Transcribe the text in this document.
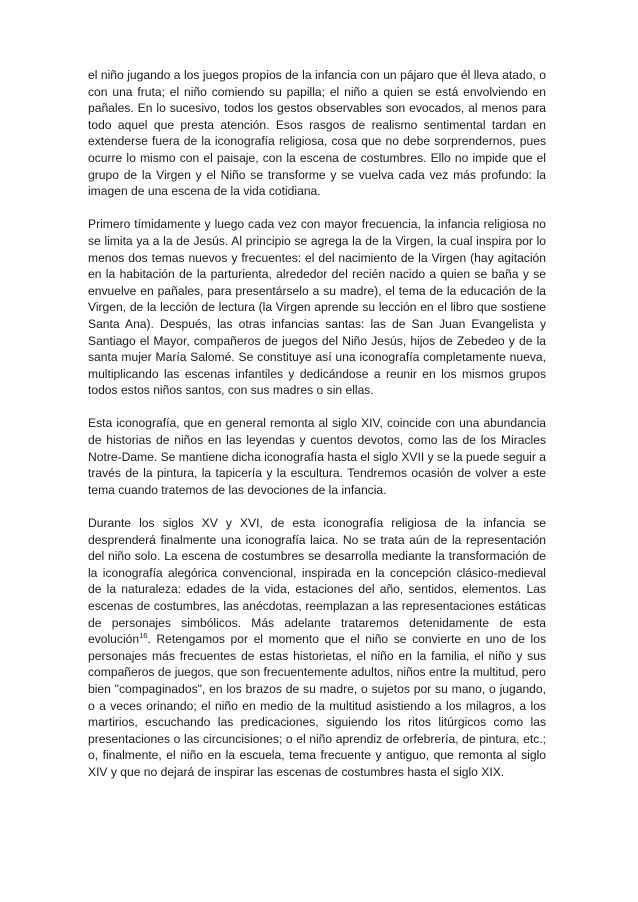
el niño jugando a los juegos propios de la infancia con un pájaro que él lleva atado, o con una fruta; el niño comiendo su papilla; el niño a quien se está envolviendo en pañales. En lo sucesivo, todos los gestos observables son evocados, al menos para todo aquel que presta atención. Esos rasgos de realismo sentimental tardan en extenderse fuera de la iconografía religiosa, cosa que no debe sorprendernos, pues ocurre lo mismo con el paisaje, con la escena de costumbres. Ello no impide que el grupo de la Virgen y el Niño se transforme y se vuelva cada vez más profundo: la imagen de una escena de la vida cotidiana.

Primero tímidamente y luego cada vez con mayor frecuencia, la infancia religiosa no se limita ya a la de Jesús. Al principio se agrega la de la Virgen, la cual inspira por lo menos dos temas nuevos y frecuentes: el del nacimiento de la Virgen (hay agitación en la habitación de la parturienta, alrededor del recién nacido a quien se baña y se envuelve en pañales, para presentárselo a su madre), el tema de la educación de la Virgen, de la lección de lectura (la Virgen aprende su lección en el libro que sostiene Santa Ana). Después, las otras infancias santas: las de San Juan Evangelista y Santiago el Mayor, compañeros de juegos del Niño Jesús, hijos de Zebedeo y de la santa mujer María Salomé. Se constituye así una iconografía completamente nueva, multiplicando las escenas infantiles y dedicándose a reunir en los mismos grupos todos estos niños santos, con sus madres o sin ellas.

Esta iconografía, que en general remonta al siglo XIV, coincide con una abundancia de historias de niños en las leyendas y cuentos devotos, como las de los Miracles Notre-Dame. Se mantiene dicha iconografía hasta el siglo XVII y se la puede seguir a través de la pintura, la tapicería y la escultura. Tendremos ocasión de volver a este tema cuando tratemos de las devociones de la infancia.

Durante los siglos XV y XVI, de esta iconografía religiosa de la infancia se desprenderá finalmente una iconografía laica. No se trata aún de la representación del niño solo. La escena de costumbres se desarrolla mediante la transformación de la iconografía alegórica convencional, inspirada en la concepción clásico-medieval de la naturaleza: edades de la vida, estaciones del año, sentidos, elementos. Las escenas de costumbres, las anécdotas, reemplazan a las representaciones estáticas de personajes simbólicos. Más adelante trataremos detenidamente de esta evolución$^{16}$. Retengamos por el momento que el niño se convierte en uno de los personajes más frecuentes de estas historietas, el niño en la familia, el niño y sus compañeros de juegos, que son frecuentemente adultos, niños entre la multitud, pero bien "compaginados", en los brazos de su madre, o sujetos por su mano, o jugando, o a veces orinando; el niño en medio de la multitud asistiendo a los milagros, a los martirios, escuchando las predicaciones, siguiendo los ritos litúrgicos como las presentaciones o las circuncisiones; o el niño aprendiz de orfebrería, de pintura, etc.; o, finalmente, el niño en la escuela, tema frecuente y antiguo, que remonta al siglo XIV y que no dejará de inspirar las escenas de costumbres hasta el siglo XIX.
